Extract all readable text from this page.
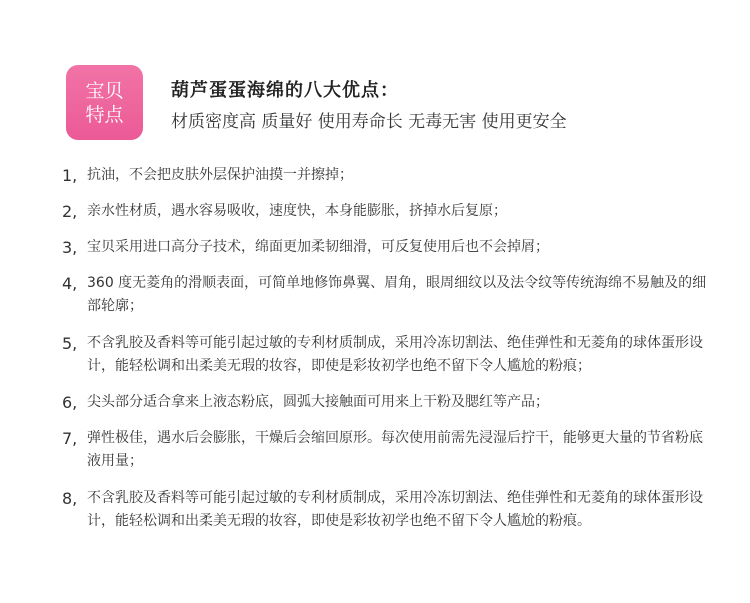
宝贝
特点
葫芦蛋蛋海绵的八大优点：
材质密度高 质量好 使用寿命长 无毒无害 使用更安全
1, 抗油，不会把皮肤外层保护油摸一并擦掉；
2, 亲水性材质，遇水容易吸收，速度快，本身能膨胀，挤掉水后复原；
3, 宝贝采用进口高分子技术，绵面更加柔韧细滑，可反复使用后也不会掉屑；
4, 360 度无菱角的滑顺表面，可简单地修饰鼻翼、眉角，眼周细纹以及法令纹等传统海绵不易触及的细部轮廓；
5, 不含乳胶及香料等可能引起过敏的专利材质制成，采用冷冻切割法、绝佳弹性和无菱角的球体蛋形设计，能轻松调和出柔美无瑕的妆容，即使是彩妆初学也绝不留下令人尴尬的粉痕；
6, 尖头部分适合拿来上液态粉底，圆弧大接触面可用来上干粉及腮红等产品；
7, 弹性极佳，遇水后会膨胀，干燥后会缩回原形。每次使用前需先浸湿后拧干，能够更大量的节省粉底液用量；
8, 不含乳胶及香料等可能引起过敏的专利材质制成，采用冷冻切割法、绝佳弹性和无菱角的球体蛋形设计，能轻松调和出柔美无瑕的妆容，即使是彩妆初学也绝不留下令人尴尬的粉痕。
